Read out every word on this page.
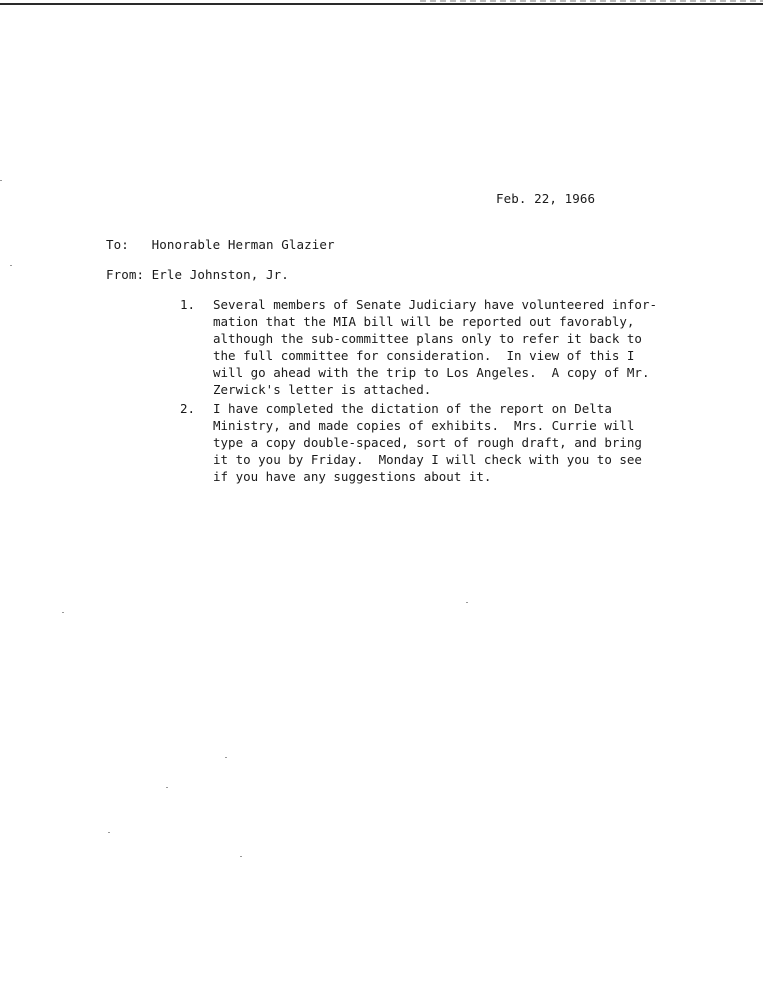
Feb. 22, 1966
To: Honorable Herman Glazier
From: Erle Johnston, Jr.
1.	Several members of Senate Judiciary have volunteered infor-
mation that the MIA bill will be reported out favorably,
although the sub-committee plans only to refer it back to
the full committee for consideration.  In view of this I
will go ahead with the trip to Los Angeles.  A copy of Mr.
Zerwick's letter is attached.
2.	I have completed the dictation of the report on Delta
Ministry, and made copies of exhibits.  Mrs. Currie will
type a copy double-spaced, sort of rough draft, and bring
it to you by Friday.  Monday I will check with you to see
if you have any suggestions about it.
